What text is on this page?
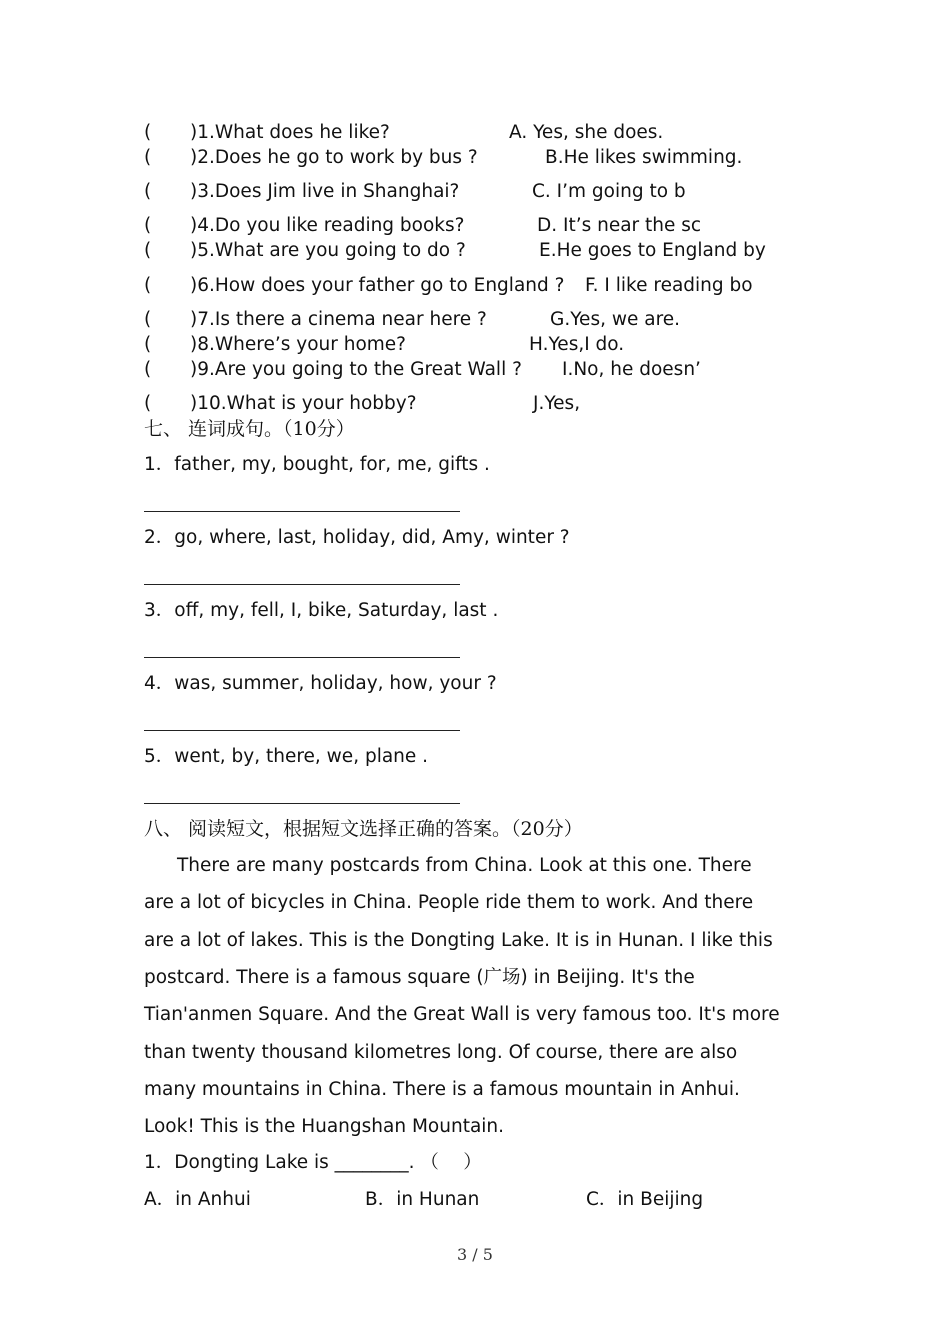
( )1.What does he like?	A. Yes, she does.
( )2.Does he go to work by bus ?	B.He likes swimming.
( )3.Does Jim live in Shanghai?	C. I’m going to b
( )4.Do you like reading books?	D. It’s near the sc
( )5.What are you going to do ?	E.He goes to England by
( )6.How does your father go to England ? F. I like reading bo
( )7.Is there a cinema near here ?	G.Yes, we are.
( )8.Where’s your home?	H.Yes,I do.
( )9.Are you going to the Great Wall ? I.No, he doesn’
( )10.What is your hobby?	J.Yes,
七、 连词成句。（10分）
1．father, my, bought, for, me, gifts .
2．go, where, last, holiday, did, Amy, winter ?
3．off, my, fell, I, bike, Saturday, last .
4．was, summer, holiday, how, your ?
5．went, by, there, we, plane .
八、 阅读短文，根据短文选择正确的答案。（20分）
There are many postcards from China. Look at this one. There
are a lot of bicycles in China. People ride them to work. And there
are a lot of lakes. This is the Dongting Lake. It is in Hunan. I like this
postcard. There is a famous square (广场) in Beijing. It's the
Tian'anmen Square. And the Great Wall is very famous too. It's more
than twenty thousand kilometres long. Of course, there are also
many mountains in China. There is a famous mountain in Anhui.
Look! This is the Huangshan Mountain.
1．Dongting Lake is ________. （　 ）
A．in Anhui	B．in Hunan	C．in Beijing
3 / 5
